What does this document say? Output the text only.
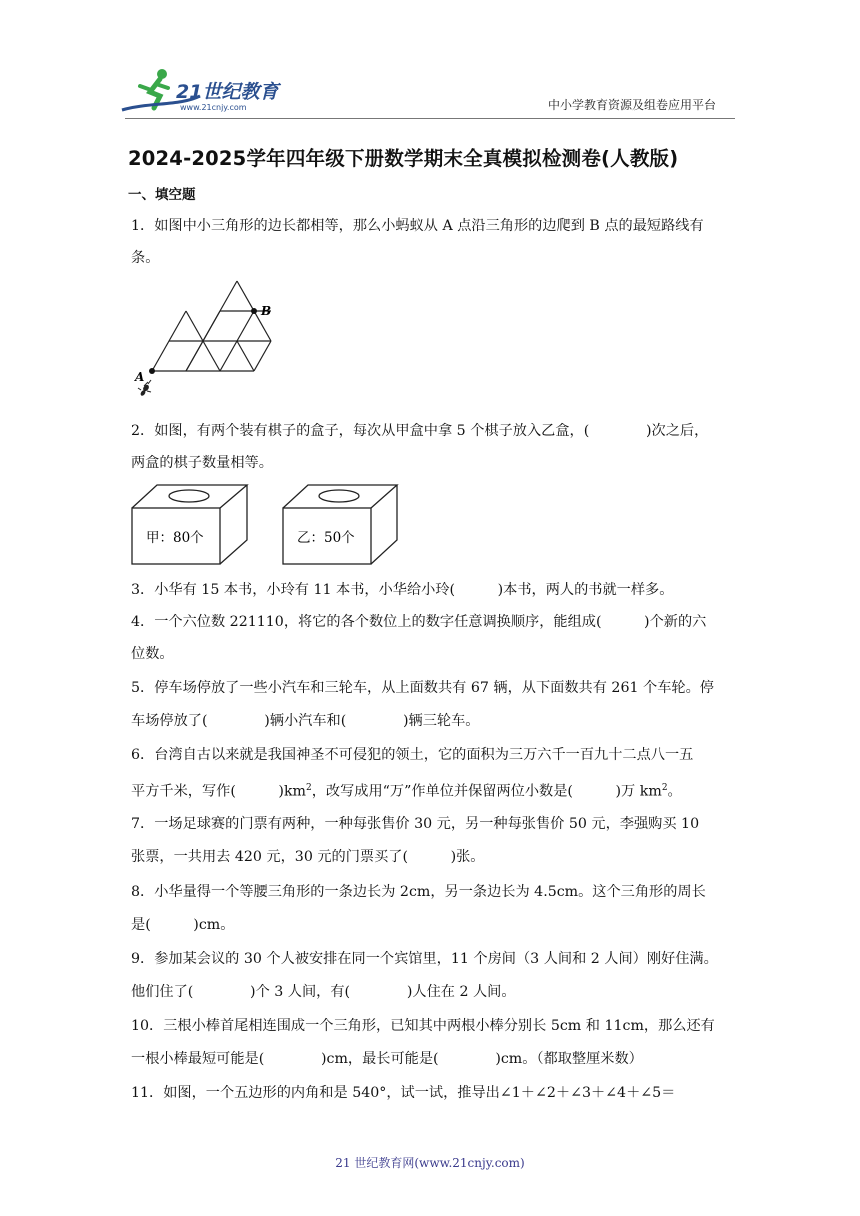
21世纪教育
www.21cnjy.com	中小学教育资源及组卷应用平台
2024-2025学年四年级下册数学期末全真模拟检测卷(人教版)
一、填空题
1．如图中小三角形的边长都相等，那么小蚂蚁从 A 点沿三角形的边爬到 B 点的最短路线有
条。
A
B
2．如图，有两个装有棋子的盒子，每次从甲盒中拿 5 个棋子放入乙盒，(　　　　)次之后，
两盒的棋子数量相等。
甲：80个	乙：50个
3．小华有 15 本书，小玲有 11 本书，小华给小玲(　　　)本书，两人的书就一样多。
4．一个六位数 221110，将它的各个数位上的数字任意调换顺序，能组成(　　　)个新的六
位数。
5．停车场停放了一些小汽车和三轮车，从上面数共有 67 辆，从下面数共有 261 个车轮。停
车场停放了(　　　　)辆小汽车和(　　　　)辆三轮车。
6．台湾自古以来就是我国神圣不可侵犯的领土，它的面积为三万六千一百九十二点八一五
平方千米，写作(　　　)$km^2$，改写成用“万”作单位并保留两位小数是(　　　)万 $km^2$。
7．一场足球赛的门票有两种，一种每张售价 30 元，另一种每张售价 50 元，李强购买 10
张票，一共用去 420 元，30 元的门票买了(　　　)张。
8．小华量得一个等腰三角形的一条边长为 2cm，另一条边长为 4.5cm。这个三角形的周长
是(　　　)cm。
9．参加某会议的 30 个人被安排在同一个宾馆里，11 个房间（3 人间和 2 人间）刚好住满。
他们住了(　　　　)个 3 人间，有(　　　　)人住在 2 人间。
10．三根小棒首尾相连围成一个三角形，已知其中两根小棒分别长 5cm 和 11cm，那么还有
一根小棒最短可能是(　　　　)cm，最长可能是(　　　　)cm。（都取整厘米数）
11．如图，一个五边形的内角和是 540°，试一试，推导出∠1＋∠2＋∠3＋∠4＋∠5＝
21 世纪教育网(www.21cnjy.com)
